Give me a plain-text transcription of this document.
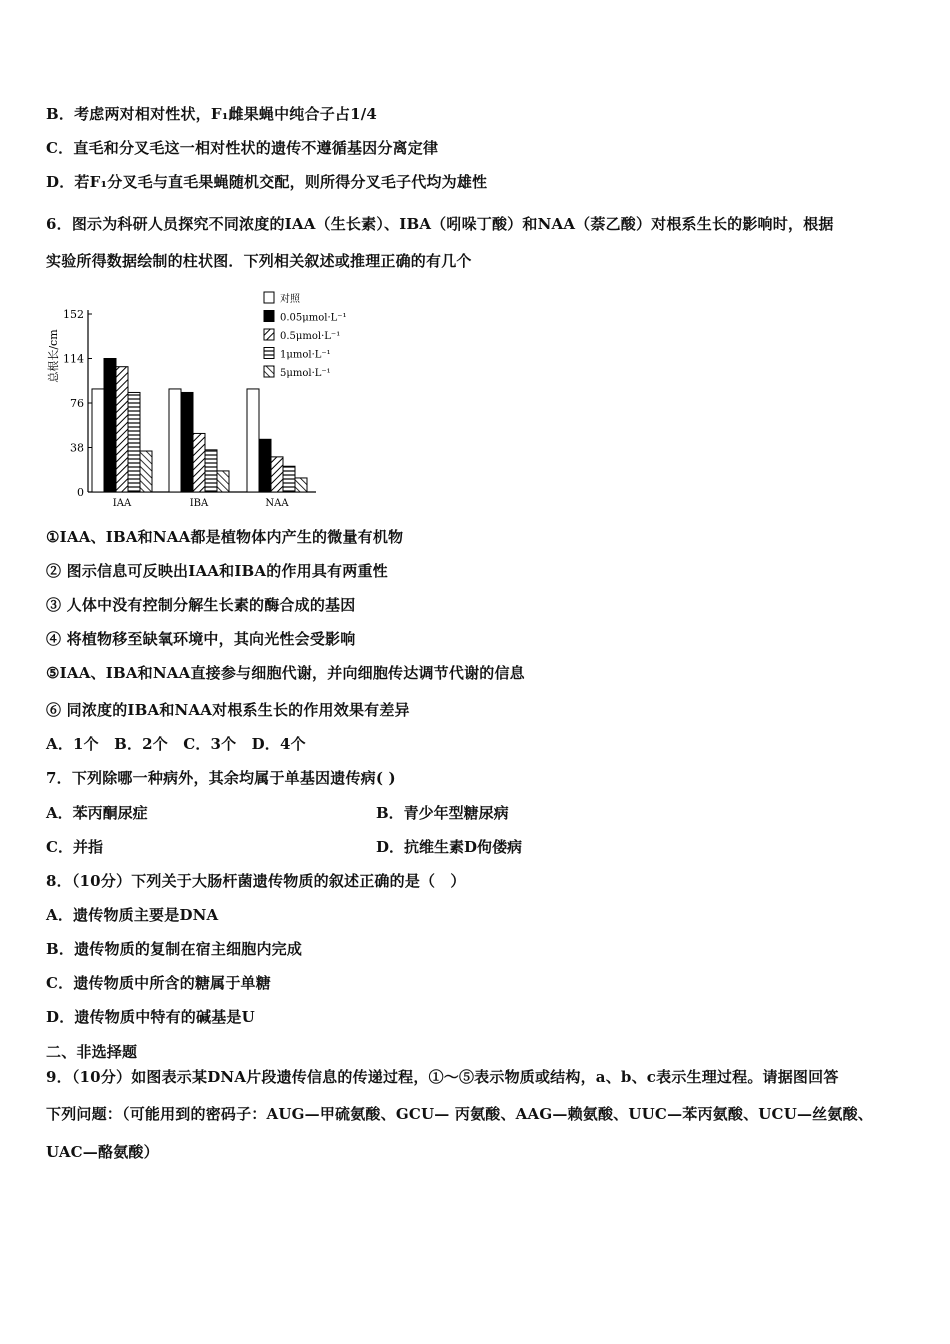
B．考虑两对相对性状，F₁雌果蝇中纯合子占1/4
C．直毛和分叉毛这一相对性状的遗传不遵循基因分离定律
D．若F₁分叉毛与直毛果蝇随机交配，则所得分叉毛子代均为雄性
6．图示为科研人员探究不同浓度的IAA（生长素）、IBA（吲哚丁酸）和NAA（萘乙酸）对根系生长的影响时，根据
实验所得数据绘制的柱状图．下列相关叙述或推理正确的有几个
0
38
76
114
152
总根长/cm
IAA	IBA	NAA
对照
0.05μmol·L⁻¹
0.5μmol·L⁻¹
1μmol·L⁻¹
5μmol·L⁻¹
①IAA、IBA和NAA都是植物体内产生的微量有机物
② 图示信息可反映出IAA和IBA的作用具有两重性
③ 人体中没有控制分解生长素的酶合成的基因
④ 将植物移至缺氧环境中，其向光性会受影响
⑤IAA、IBA和NAA直接参与细胞代谢，并向细胞传达调节代谢的信息
⑥ 同浓度的IBA和NAA对根系生长的作用效果有差异
A．1个　B．2个　C．3个　D．4个
7．下列除哪一种病外，其余均属于单基因遗传病( )
A．苯丙酮尿症	B．青少年型糖尿病
C．并指	D．抗维生素D佝偻病
8．（10分）下列关于大肠杆菌遗传物质的叙述正确的是（　）
A．遗传物质主要是DNA
B．遗传物质的复制在宿主细胞内完成
C．遗传物质中所含的糖属于单糖
D．遗传物质中特有的碱基是U
二、非选择题
9．（10分）如图表示某DNA片段遗传信息的传递过程，①～⑤表示物质或结构，a、b、c表示生理过程。请据图回答
下列问题：（可能用到的密码子：AUG—甲硫氨酸、GCU— 丙氨酸、AAG—赖氨酸、UUC—苯丙氨酸、UCU—丝氨酸、
UAC—酪氨酸）
